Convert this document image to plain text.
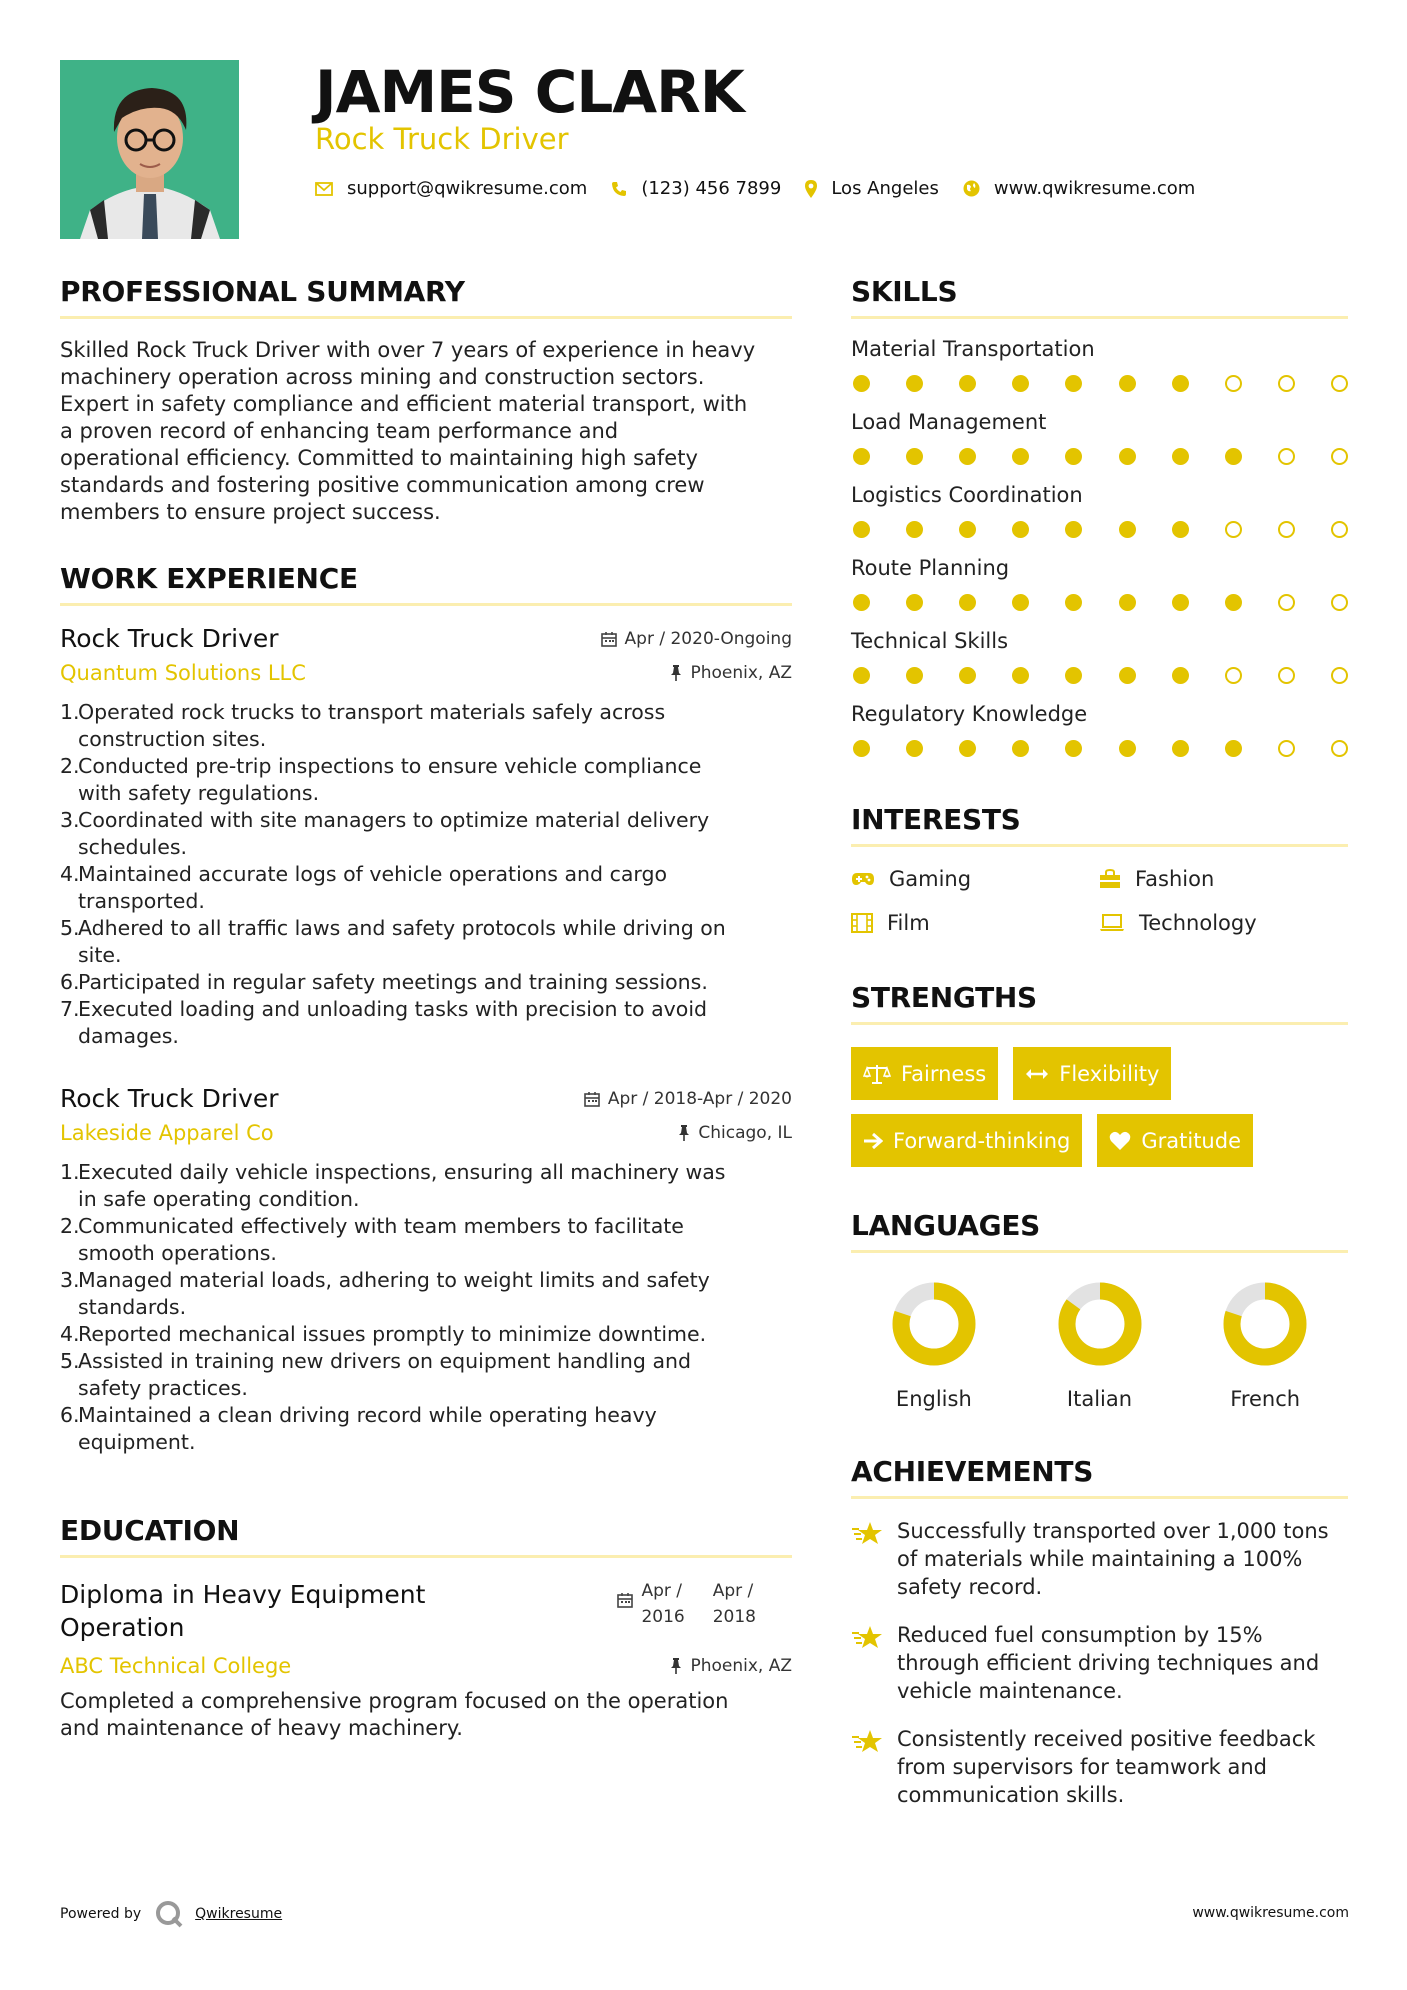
JAMES CLARK
Rock Truck Driver
support@qwikresume.com	(123) 456 7899	Los Angeles	www.qwikresume.com
PROFESSIONAL SUMMARY
Skilled Rock Truck Driver with over 7 years of experience in heavy
machinery operation across mining and construction sectors.
Expert in safety compliance and efficient material transport, with
a proven record of enhancing team performance and
operational efficiency. Committed to maintaining high safety
standards and fostering positive communication among crew
members to ensure project success.
WORK EXPERIENCE
Rock Truck Driver	Apr / 2020-Ongoing
Quantum Solutions LLC	Phoenix, AZ
1.
Operated rock trucks to transport materials safely across
construction sites.
2.
Conducted pre-trip inspections to ensure vehicle compliance
with safety regulations.
3.
Coordinated with site managers to optimize material delivery
schedules.
4.
Maintained accurate logs of vehicle operations and cargo
transported.
5.
Adhered to all traffic laws and safety protocols while driving on
site.
6.
Participated in regular safety meetings and training sessions.
7.
Executed loading and unloading tasks with precision to avoid
damages.
Rock Truck Driver	Apr / 2018-Apr / 2020
Lakeside Apparel Co	Chicago, IL
1.
Executed daily vehicle inspections, ensuring all machinery was
in safe operating condition.
2.
Communicated effectively with team members to facilitate
smooth operations.
3.
Managed material loads, adhering to weight limits and safety
standards.
4.
Reported mechanical issues promptly to minimize downtime.
5.
Assisted in training new drivers on equipment handling and
safety practices.
6.
Maintained a clean driving record while operating heavy
equipment.
EDUCATION
Diploma in Heavy Equipment
Operation
Apr /
2016
Apr /
2018
ABC Technical College	Phoenix, AZ
Completed a comprehensive program focused on the operation
and maintenance of heavy machinery.
SKILLS
Material Transportation
Load Management
Logistics Coordination
Route Planning
Technical Skills
Regulatory Knowledge
INTERESTS
Gaming	Fashion
Film	Technology
STRENGTHS
Fairness	Flexibility
Forward-thinking	Gratitude
LANGUAGES
English	Italian	French
ACHIEVEMENTS
Successfully transported over 1,000 tons
of materials while maintaining a 100%
safety record.
Reduced fuel consumption by 15%
through efficient driving techniques and
vehicle maintenance.
Consistently received positive feedback
from supervisors for teamwork and
communication skills.
Powered by	Qwikresume	www.qwikresume.com
